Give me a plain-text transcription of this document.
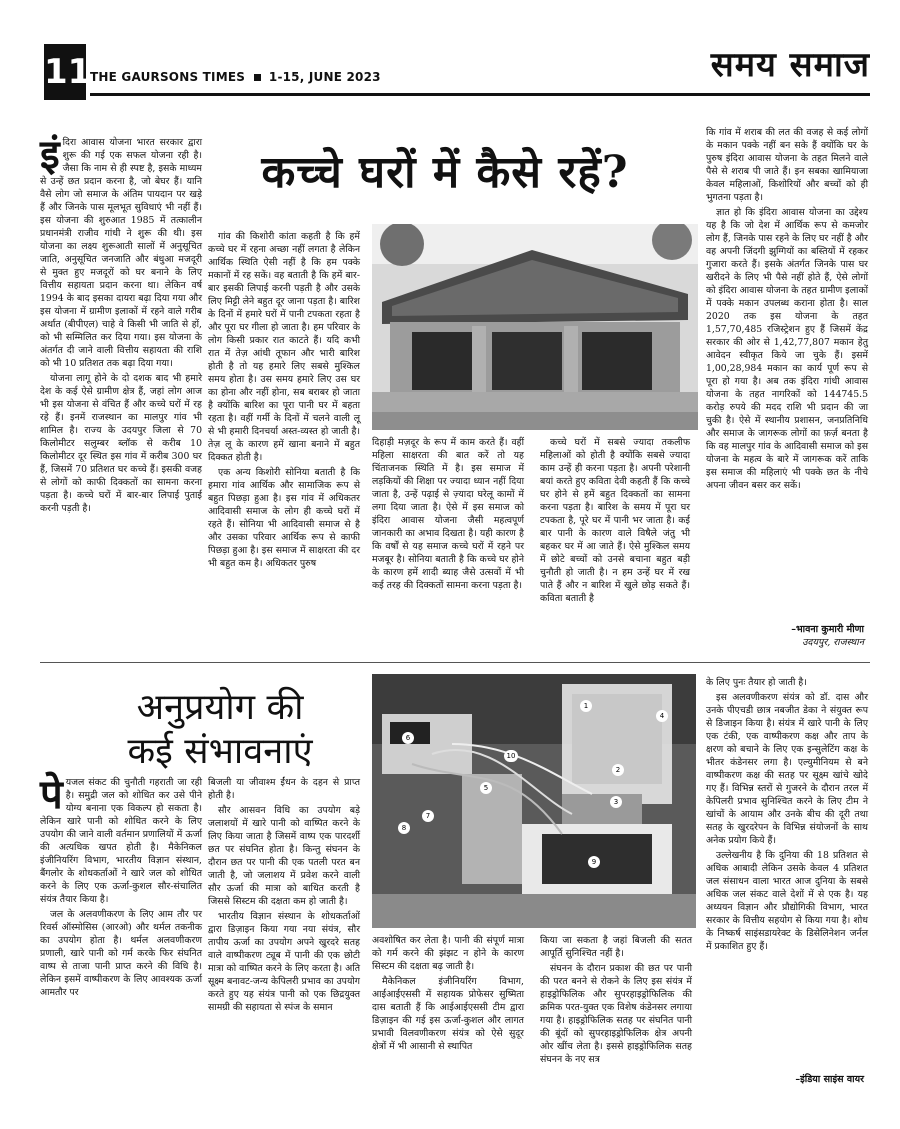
11
THE GAURSONS TIMES 1-15, JUNE 2023	समय समाज
कच्चे घरों में कैसे रहें?
इं दिरा आवास योजना भारत सरकार द्वारा शुरू की गई एक सफल योजना रही है। जैसा कि नाम से ही स्पष्ट है, इसके माध्यम से उन्हें छत प्रदान करना है, जो बेघर हैं। यानि वैसे लोग जो समाज के अंतिम पायदान पर खड़े हैं और जिनके पास मूलभूत सुविधाएं भी नहीं हैं। इस योजना की शुरुआत 1985 में तत्कालीन प्रधानमंत्री राजीव गांधी ने शुरू की थी। इस योजना का लक्ष्य शुरूआती सालों में अनुसूचित जाति, अनुसूचित जनजाति और बंधुआ मजदूरी से मुक्त हुए मजदूरों को घर बनाने के लिए वित्तीय सहायता प्रदान करना था। लेकिन वर्ष 1994 के बाद इसका दायरा बढ़ा दिया गया और इस योजना में ग्रामीण इलाकों में रहने वाले गरीब अर्थात (बीपीएल) चाहे वे किसी भी जाति से हों, को भी सम्मिलित कर दिया गया। इस योजना के अंतर्गत दी जाने वाली वित्तीय सहायता की राशि को भी 10 प्रतिशत तक बढ़ा दिया गया।

योजना लागू होने के दो दशक बाद भी हमारे देश के कई ऐसे ग्रामीण क्षेत्र हैं, जहां लोग आज भी इस योजना से वंचित हैं और कच्चे घरों में रह रहे हैं। इनमें राजस्थान का मालपुर गांव भी शामिल है। राज्य के उदयपुर जिला से 70 किलोमीटर सलुम्बर ब्लॉक से करीब 10 किलोमीटर दूर स्थित इस गांव में करीब 300 घर हैं, जिसमें 70 प्रतिशत घर कच्चे हैं। इसकी वजह से लोगों को काफी दिक्कतों का सामना करना पड़ता है। कच्चे घरों में बार-बार लिपाई पुताई करनी पड़ती है।

गांव की किशोरी कांता कहती है कि हमें कच्चे घर में रहना अच्छा नहीं लगता है लेकिन आर्थिक स्थिति ऐसी नहीं है कि हम पक्के मकानों में रह सकें। वह बताती है कि हमें बार-बार इसकी लिपाई करनी पड़ती है और उसके लिए मिट्टी लेने बहुत दूर जाना पड़ता है। बारिश के दिनों में हमारे घरों में पानी टपकता रहता है और पूरा घर गीला हो जाता है। हम परिवार के लोग किसी प्रकार रात काटते हैं। यदि कभी रात में तेज़ आंधी तूफान और भारी बारिश होती है तो यह हमारे लिए सबसे मुश्किल समय होता है। उस समय हमारे लिए उस घर का होना और नहीं होना, सब बराबर हो जाता है क्योंकि बारिश का पूरा पानी घर में बहता रहता है। वहीं गर्मी के दिनों में चलने वाली लू से भी हमारी दिनचर्या अस्त-व्यस्त हो जाती है। तेज़ लू के कारण हमें खाना बनाने में बहुत दिक्कत होती है।

एक अन्य किशोरी सोनिया बताती है कि हमारा गांव आर्थिक और सामाजिक रूप से बहुत पिछड़ा हुआ है। इस गांव में अधिकतर आदिवासी समाज के लोग ही कच्चे घरों में रहते हैं। सोनिया भी आदिवासी समाज से है और उसका परिवार आर्थिक रूप से काफी पिछड़ा हुआ है। इस समाज में साक्षरता की दर भी बहुत कम है। अधिकतर पुरुष

दिहाड़ी मज़दूर के रूप में काम करते हैं। वहीं महिला साक्षरता की बात करें तो यह चिंताजनक स्थिति में है। इस समाज में लड़कियों की शिक्षा पर ज्यादा ध्यान नहीं दिया जाता है, उन्हें पढ़ाई से ज़्यादा घरेलू कामों में लगा दिया जाता है। ऐसे में इस समाज को इंदिरा आवास योजना जैसी महत्वपूर्ण जानकारी का अभाव दिखता है। यही कारण है कि वर्षों से यह समाज कच्चे घरों में रहने पर मजबूर है। सोनिया बताती है कि कच्चे घर होने के कारण हमें शादी ब्याह जैसे उत्सवों में भी कई तरह की दिक्कतों सामना करना पड़ता है।

कच्चे घरों में सबसे ज्यादा तकलीफ महिलाओं को होती है क्योंकि सबसे ज्यादा काम उन्हें ही करना पड़ता है। अपनी परेशानी बयां करते हुए कविता देवी कहती हैं कि कच्चे घर होने से हमें बहुत दिक्कतों का सामना करना पड़ता है। बारिश के समय में पूरा घर टपकता है, पूरे घर में पानी भर जाता है। कई बार पानी के कारण वाले विषैले जंतु भी बहकर घर में आ जाते हैं। ऐसे मुश्किल समय में छोटे बच्चों को उनसे बचाना बहुत बड़ी चुनौती हो जाती है। न हम उन्हें घर में रख पाते हैं और न बारिश में खुले छोड़ सकते हैं। कविता बताती है

कि गांव में शराब की लत की वजह से कई लोगों के मकान पक्के नहीं बन सके हैं क्योंकि घर के पुरुष इंदिरा आवास योजना के तहत मिलने वाले पैसे से शराब पी जाते हैं। इन सबका खामियाजा केवल महिलाओं, किशोरियों और बच्चों को ही भुगतना पड़ता है।

ज्ञात हो कि इंदिरा आवास योजना का उद्देश्य यह है कि जो देश में आर्थिक रूप से कमजोर लोग हैं, जिनके पास रहने के लिए घर नहीं है और वह अपनी जिंदगी झुग्गियों का बस्तियों में रहकर गुजारा करते हैं। इसके अंतर्गत जिनके पास घर खरीदने के लिए भी पैसे नहीं होते हैं, ऐसे लोगों को इंदिरा आवास योजना के तहत ग्रामीण इलाकों में पक्के मकान उपलब्ध कराना होता है। साल 2020 तक इस योजना के तहत 1,57,70,485 रजिस्ट्रेशन हुए हैं जिसमें केंद्र सरकार की ओर से 1,42,77,807 मकान हेतु आवेदन स्वीकृत किये जा चुके हैं। इसमें 1,00,28,984 मकान का कार्य पूर्ण रूप से पूरा हो गया है। अब तक इंदिरा गांधी आवास योजना के तहत नागरिकों को 144745.5 करोड़ रुपये की मदद राशि भी प्रदान की जा चुकी है। ऐसे में स्थानीय प्रशासन, जनप्रतिनिधि और समाज के जागरूक लोगों का फ़र्ज़ बनता है कि वह मालपुर गांव के आदिवासी समाज को इस योजना के महत्व के बारे में जागरूक करें ताकि इस समाज की महिलाएं भी पक्के छत के नीचे अपना जीवन बसर कर सकें।

–भावना कुमारी मीणा
उदयपुर, राजस्थान
अनुप्रयोग की
कई संभावनाएं
पे यजल संकट की चुनौती गहराती जा रही है। समुद्री जल को शोधित कर उसे पीने योग्य बनाना एक विकल्प हो सकता है। लेकिन खारे पानी को शोधित करने के लिए उपयोग की जाने वाली वर्तमान प्रणालियों में ऊर्जा की अत्यधिक खपत होती है। मैकेनिकल इंजीनियरिंग विभाग, भारतीय विज्ञान संस्थान, बैंगलोर के शोधकर्ताओं ने खारे जल को शोधित करने के लिए एक ऊर्जा-कुशल सौर-संचालित संयंत्र तैयार किया है।

जल के अलवणीकरण के लिए आम तौर पर रिवर्स ऑस्मोसिस (आरओ) और थर्मल तकनीक का उपयोग होता है। थर्मल अलवणीकरण प्रणाली, खारे पानी को गर्म करके फिर संघनित वाष्प से ताजा पानी प्राप्त करने की विधि है। लेकिन इसमें वाष्पीकरण के लिए आवश्यक ऊर्जा आमतौर पर

बिजली या जीवाश्म ईंधन के दहन से प्राप्त होती है।

सौर आसवन विधि का उपयोग बड़े जलाशयों में खारे पानी को वाष्पित करने के लिए किया जाता है जिसमें वाष्प एक पारदर्शी छत पर संघनित होता है। किन्तु संघनन के दौरान छत पर पानी की एक पतली परत बन जाती है, जो जलाशय में प्रवेश करने वाली सौर ऊर्जा की मात्रा को बाधित करती है जिससे सिस्टम की दक्षता कम हो जाती है।

भारतीय विज्ञान संस्थान के शोधकर्ताओं द्वारा डिज़ाइन किया गया नया संयंत्र, सौर तापीय ऊर्जा का उपयोग अपने खुरदरे सतह वाले वाष्पीकरण ट्यूब में पानी की एक छोटी मात्रा को वाष्पित करने के लिए करता है। अति सूक्ष्म बनावट-जन्य केपिलरी प्रभाव का उपयोग करते हुए यह संयंत्र पानी को एक छिद्रयुक्त सामग्री की सहायता से स्पंज के समान

1
2
3
4
5
6
7
8
9
10

अवशोषित कर लेता है। पानी की संपूर्ण मात्रा को गर्म करने की झंझट न होने के कारण सिस्टम की दक्षता बढ़ जाती है।

मैकेनिकल इंजीनियरिंग विभाग, आईआईएससी में सहायक प्रोफेसर सुष्मिता दास बताती हैं कि आईआईएससी टीम द्वारा डिज़ाइन की गई इस ऊर्जा-कुशल और लागत प्रभावी विलवणीकरण संयंत्र को ऐसे सुदूर क्षेत्रों में भी आसानी से स्थापित

किया जा सकता है जहां बिजली की सतत आपूर्ति सुनिश्चित नहीं है।

संघनन के दौरान प्रकाश की छत पर पानी की परत बनने से रोकने के लिए इस संयंत्र में हाइड्रोफिलिक और सुपरहाइड्रोफिलिक की क्रमिक परत-युक्त एक विशेष कंडेनसर लगाया गया है। हाइड्रोफिलिक सतह पर संघनित पानी की बूंदों को सुपरहाइड्रोफिलिक क्षेत्र अपनी ओर खींच लेता है। इससे हाइड्रोफिलिक सतह संघनन के नए सत्र

के लिए पुनः तैयार हो जाती है।

इस अलवणीकरण संयंत्र को डॉ. दास और उनके पीएचडी छात्र नबजीत डेका ने संयुक्त रूप से डिजाइन किया है। संयंत्र में खारे पानी के लिए एक टंकी, एक वाष्पीकरण कक्ष और ताप के क्षरण को बचाने के लिए एक इन्सुलेटिंग कक्ष के भीतर कंडेनसर लगा है। एल्युमीनियम से बने वाष्पीकरण कक्ष की सतह पर सूक्ष्म खांचे खोदे गए हैं। विभिन्न स्तरों से गुजरने के दौरान तरल में केपिलरी प्रभाव सुनिश्चित करने के लिए टीम ने खांचों के आयाम और उनके बीच की दूरी तथा सतह के खुरदरेपन के विभिन्न संयोजनों के साथ अनेक प्रयोग किये हैं।

उल्लेखनीय है कि दुनिया की 18 प्रतिशत से अधिक आबादी लेकिन उसके केवल 4 प्रतिशत जल संसाधन वाला भारत आज दुनिया के सबसे अधिक जल संकट वाले देशों में से एक है। यह अध्ययन विज्ञान और प्रौद्योगिकी विभाग, भारत सरकार के वित्तीय सहयोग से किया गया है। शोध के निष्कर्ष साइंसडायरेक्ट के डिसेलिनेशन जर्नल में प्रकाशित हुए हैं।

–इंडिया साइंस वायर
